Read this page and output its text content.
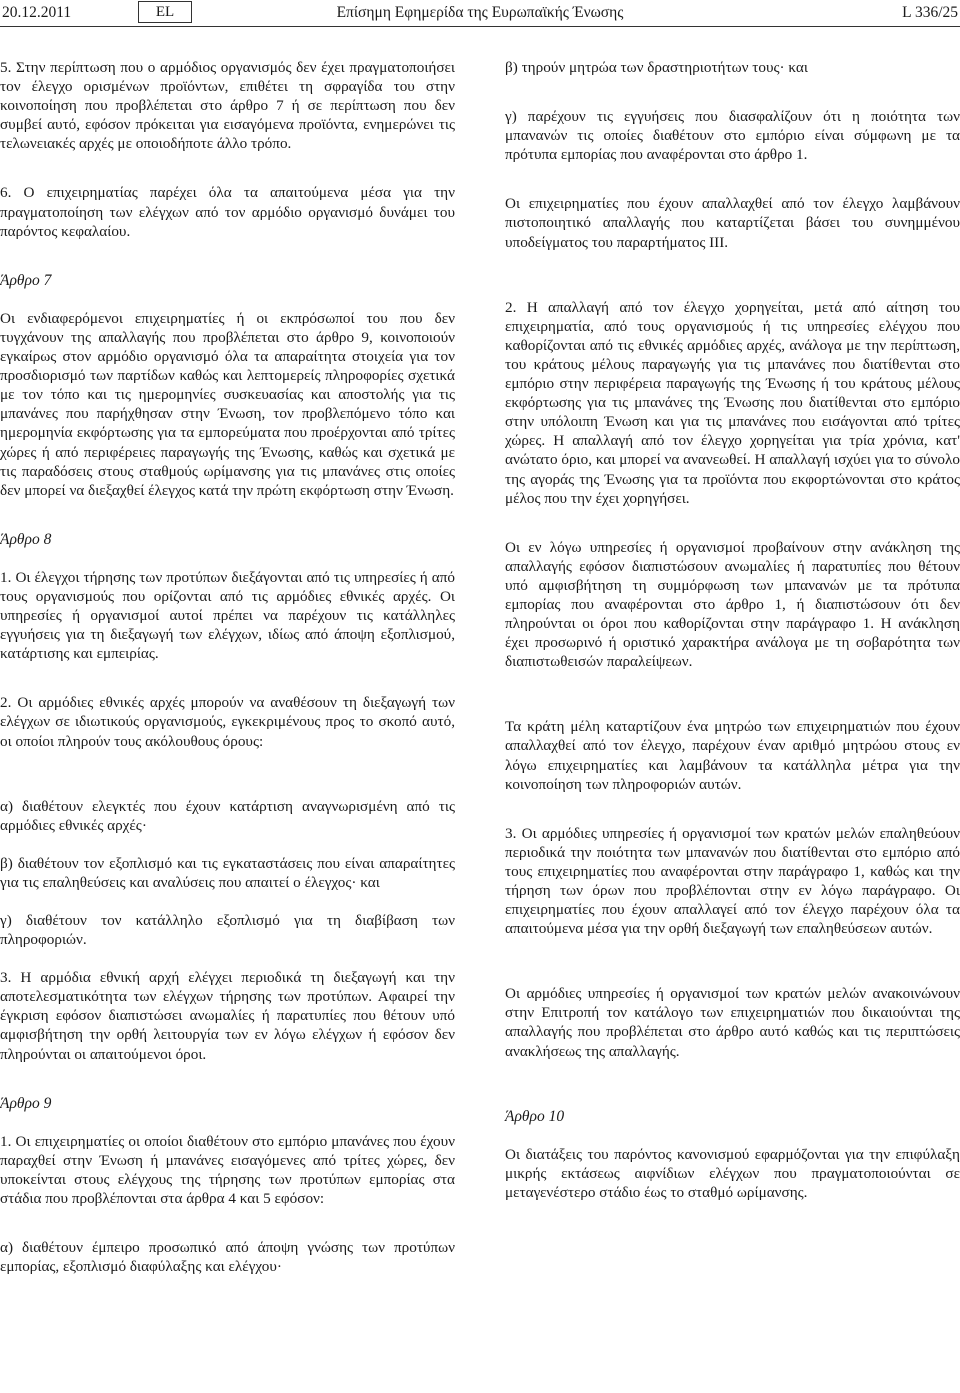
20.12.2011	EL	Επίσημη Εφημερίδα της Ευρωπαϊκής Ένωσης	L 336/25

5. Στην περίπτωση που ο αρμόδιος οργανισμός δεν έχει πραγματοποιήσει τον έλεγχο ορισμένων προϊόντων, επιθέτει τη σφραγίδα του στην κοινοποίηση που προβλέπεται στο άρθρο 7 ή σε περίπτωση που δεν συμβεί αυτό, εφόσον πρόκειται για εισαγόμενα προϊόντα, ενημερώνει τις τελωνειακές αρχές με οποιοδήποτε άλλο τρόπο.

6. Ο επιχειρηματίας παρέχει όλα τα απαιτούμενα μέσα για την πραγματοποίηση των ελέγχων από τον αρμόδιο οργανισμό δυνάμει του παρόντος κεφαλαίου.

Άρθρο 7

Οι ενδιαφερόμενοι επιχειρηματίες ή οι εκπρόσωποί του που δεν τυγχάνουν της απαλλαγής που προβλέπεται στο άρθρο 9, κοινοποιούν εγκαίρως στον αρμόδιο οργανισμό όλα τα απαραίτητα στοιχεία για τον προσδιορισμό των παρτίδων καθώς και λεπτομερείς πληροφορίες σχετικά με τον τόπο και τις ημερομηνίες συσκευασίας και αποστολής για τις μπανάνες που παρήχθησαν στην Ένωση, τον προβλεπόμενο τόπο και ημερομηνία εκφόρτωσης για τα εμπορεύματα που προέρχονται από τρίτες χώρες ή από περιφέρειες παραγωγής της Ένωσης, καθώς και σχετικά με τις παραδόσεις στους σταθμούς ωρίμανσης για τις μπανάνες στις οποίες δεν μπορεί να διεξαχθεί έλεγχος κατά την πρώτη εκφόρτωση στην Ένωση.

Άρθρο 8

1. Οι έλεγχοι τήρησης των προτύπων διεξάγονται από τις υπηρεσίες ή από τους οργανισμούς που ορίζονται από τις αρμόδιες εθνικές αρχές. Οι υπηρεσίες ή οργανισμοί αυτοί πρέπει να παρέχουν τις κατάλληλες εγγυήσεις για τη διεξαγωγή των ελέγχων, ιδίως από άποψη εξοπλισμού, κατάρτισης και εμπειρίας.

2. Οι αρμόδιες εθνικές αρχές μπορούν να αναθέσουν τη διεξαγωγή των ελέγχων σε ιδιωτικούς οργανισμούς, εγκεκριμένους προς το σκοπό αυτό, οι οποίοι πληρούν τους ακόλουθους όρους:

α) διαθέτουν ελεγκτές που έχουν κατάρτιση αναγνωρισμένη από τις αρμόδιες εθνικές αρχές·

β) διαθέτουν τον εξοπλισμό και τις εγκαταστάσεις που είναι απαραίτητες για τις επαληθεύσεις και αναλύσεις που απαιτεί ο έλεγχος· και

γ) διαθέτουν τον κατάλληλο εξοπλισμό για τη διαβίβαση των πληροφοριών.

3. Η αρμόδια εθνική αρχή ελέγχει περιοδικά τη διεξαγωγή και την αποτελεσματικότητα των ελέγχων τήρησης των προτύπων. Αφαιρεί την έγκριση εφόσον διαπιστώσει ανωμαλίες ή παρατυπίες που θέτουν υπό αμφισβήτηση την ορθή λειτουργία των εν λόγω ελέγχων ή εφόσον δεν πληρούνται οι απαιτούμενοι όροι.

Άρθρο 9

1. Οι επιχειρηματίες οι οποίοι διαθέτουν στο εμπόριο μπανάνες που έχουν παραχθεί στην Ένωση ή μπανάνες εισαγόμενες από τρίτες χώρες, δεν υποκείνται στους ελέγχους της τήρησης των προτύπων εμπορίας στα στάδια που προβλέπονται στα άρθρα 4 και 5 εφόσον:

α) διαθέτουν έμπειρο προσωπικό από άποψη γνώσης των προτύπων εμπορίας, εξοπλισμό διαφύλαξης και ελέγχου·

β) τηρούν μητρώα των δραστηριοτήτων τους· και

γ) παρέχουν τις εγγυήσεις που διασφαλίζουν ότι η ποιότητα των μπανανών τις οποίες διαθέτουν στο εμπόριο είναι σύμφωνη με τα πρότυπα εμπορίας που αναφέρονται στο άρθρο 1.

Οι επιχειρηματίες που έχουν απαλλαχθεί από τον έλεγχο λαμβάνουν πιστοποιητικό απαλλαγής που καταρτίζεται βάσει του συνημμένου υποδείγματος του παραρτήματος III.

2. Η απαλλαγή από τον έλεγχο χορηγείται, μετά από αίτηση του επιχειρηματία, από τους οργανισμούς ή τις υπηρεσίες ελέγχου που καθορίζονται από τις εθνικές αρμόδιες αρχές, ανάλογα με την περίπτωση, του κράτους μέλους παραγωγής για τις μπανάνες που διατίθενται στο εμπόριο στην περιφέρεια παραγωγής της Ένωσης ή του κράτους μέλους εκφόρτωσης για τις μπανάνες της Ένωσης που διατίθενται στο εμπόριο στην υπόλοιπη Ένωση και για τις μπανάνες που εισάγονται από τρίτες χώρες. Η απαλλαγή από τον έλεγχο χορηγείται για τρία χρόνια, κατ' ανώτατο όριο, και μπορεί να ανανεωθεί. Η απαλλαγή ισχύει για το σύνολο της αγοράς της Ένωσης για τα προϊόντα που εκφορτώνονται στο κράτος μέλος που την έχει χορηγήσει.

Οι εν λόγω υπηρεσίες ή οργανισμοί προβαίνουν στην ανάκληση της απαλλαγής εφόσον διαπιστώσουν ανωμαλίες ή παρατυπίες που θέτουν υπό αμφισβήτηση τη συμμόρφωση των μπανανών με τα πρότυπα εμπορίας που αναφέρονται στο άρθρο 1, ή διαπιστώσουν ότι δεν πληρούνται οι όροι που καθορίζονται στην παράγραφο 1. Η ανάκληση έχει προσωρινό ή οριστικό χαρακτήρα ανάλογα με τη σοβαρότητα των διαπιστωθεισών παραλείψεων.

Τα κράτη μέλη καταρτίζουν ένα μητρώο των επιχειρηματιών που έχουν απαλλαχθεί από τον έλεγχο, παρέχουν έναν αριθμό μητρώου στους εν λόγω επιχειρηματίες και λαμβάνουν τα κατάλληλα μέτρα για την κοινοποίηση των πληροφοριών αυτών.

3. Οι αρμόδιες υπηρεσίες ή οργανισμοί των κρατών μελών επαληθεύουν περιοδικά την ποιότητα των μπανανών που διατίθενται στο εμπόριο από τους επιχειρηματίες που αναφέρονται στην παράγραφο 1, καθώς και την τήρηση των όρων που προβλέπονται στην εν λόγω παράγραφο. Οι επιχειρηματίες που έχουν απαλλαγεί από τον έλεγχο παρέχουν όλα τα απαιτούμενα μέσα για την ορθή διεξαγωγή των επαληθεύσεων αυτών.

Οι αρμόδιες υπηρεσίες ή οργανισμοί των κρατών μελών ανακοινώνουν στην Επιτροπή τον κατάλογο των επιχειρηματιών που δικαιούνται της απαλλαγής που προβλέπεται στο άρθρο αυτό καθώς και τις περιπτώσεις ανακλήσεως της απαλλαγής.

Άρθρο 10

Οι διατάξεις του παρόντος κανονισμού εφαρμόζονται για την επιφύλαξη μικρής εκτάσεως αιφνίδιων ελέγχων που πραγματοποιούνται σε μεταγενέστερο στάδιο έως το σταθμό ωρίμανσης.
